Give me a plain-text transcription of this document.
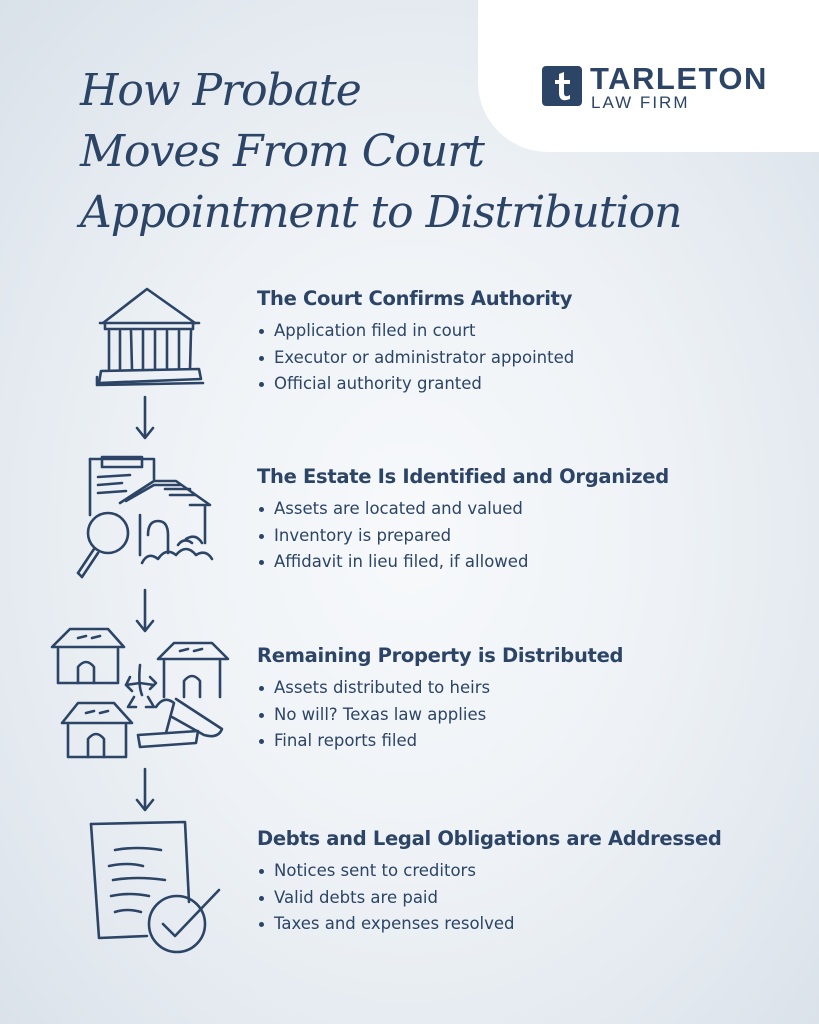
TARLETON
LAW FIRM
How Probate
Moves From Court
Appointment to Distribution
The Court Confirms Authority
Application filed in court
Executor or administrator appointed
Official authority granted
The Estate Is Identified and Organized
Assets are located and valued
Inventory is prepared
Affidavit in lieu filed, if allowed
Remaining Property is Distributed
Assets distributed to heirs
No will? Texas law applies
Final reports filed
Debts and Legal Obligations are Addressed
Notices sent to creditors
Valid debts are paid
Taxes and expenses resolved
